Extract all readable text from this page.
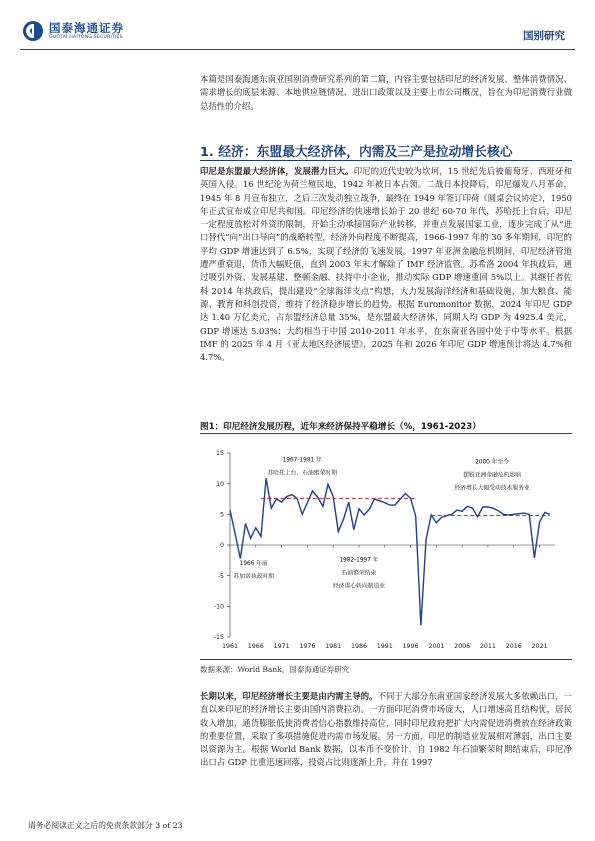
国泰海通证券
GUOTAI HAITONG SECURITIES	国别研究

本篇是国泰海通东南亚国别消费研究系列的第二篇，内容主要包括印尼的经济发展、整体消费情况、需求增长的底层来源、本地供应链情况、进出口政策以及主要上市公司概况，旨在为印尼消费行业做总括性的介绍。

1. 经济：东盟最大经济体，内需及三产是拉动增长核心

印尼是东盟最大经济体，发展潜力巨大。印尼的近代史较为坎坷，15 世纪先后被葡萄牙、西班牙和英国入侵。16 世纪沦为荷兰殖民地，1942 年被日本占领。二战日本投降后，印尼爆发八月革命，1945 年 8 月宣布独立，之后三次发动独立战争，最终在 1949 年签订印荷《圆桌会议协定》，1950 年正式宣布成立印尼共和国。印尼经济的快速增长始于 20 世纪 60-70 年代，苏哈托上台后，印尼一定程度放松对外资的限制，开始主动承接国际产业转移，并重点发展国家工业，逐步完成了从“进口替代”向“出口导向”的战略转型，经济外向程度不断提高，1966-1997 年的 30 多年期间，印尼的平均 GDP 增速达到了 6.5%，实现了经济的飞速发展。1997 年亚洲金融危机期间，印尼经济管道遭严重衰退，货币大幅贬值，直到 2003 年末才解除了 IMF 经济监管。苏希洛 2004 年执政后，通过吸引外资、发展基建、整顿金融、扶持中小企业，推动实际 GDP 增速重回 5%以上。其继任者佐科 2014 年执政后，提出建设“全球海洋支点”构想，大力发展海洋经济和基础设施，加大粮食、能源、教育和科创投资，维持了经济稳步增长的趋势。根据 Euromonitor 数据，2024 年印尼 GDP 达 1.40 万亿美元，占东盟经济总量 35%，是东盟最大经济体，同期人均 GDP 为 4925.4 美元，GDP 增速达 5.03%；大约相当于中国 2010-2011 年水平，在东南亚各国中处于中等水平。根据 IMF 的 2025 年 4 月《亚太地区经济展望》，2025 年和 2026 年印尼 GDP 增速预计将达 4.7%和 4.7%。

图1：印尼经济发展历程，近年来经济保持平稳增长（%，1961-2023）
15
10
5
0
-5
-10
-15
1961 1966 1971 1976 1981 1986 1991 1996 2001 2006 2011 2016 2021
1967-1981 年
苏哈托上台，石油繁荣时期
1966 年前
苏加诺执政时期
1982-1997 年
石油繁荣结束
经济重心转向制造业
2000 年至今
摆脱亚洲金融危机影响
经济增长大幅受动技术服务业
数据来源：World Bank，国泰海通证券研究

长期以来，印尼经济增长主要是由内需主导的。不同于大部分东南亚国家经济发展大多依赖出口，一直以来印尼的经济增长主要由国内消费拉动。一方面印尼消费市场庞大，人口增速高且结构优，居民收入增加，通货膨胀低使消费者信心指数维持高位，同时印尼政府把扩大内需促进消费放在经济政策的重要位置，采取了多项措施促进内需市场发展。另一方面，印尼的制造业发展相对薄弱，出口主要以资源为主。根据 World Bank 数据，以本币不变价计，自 1982 年石油繁荣时期结束后，印尼净出口占 GDP 比重迅速回落，投资占比则逐渐上升，并在 1997

请务必阅读正文之后的免责条款部分 3 of 23
